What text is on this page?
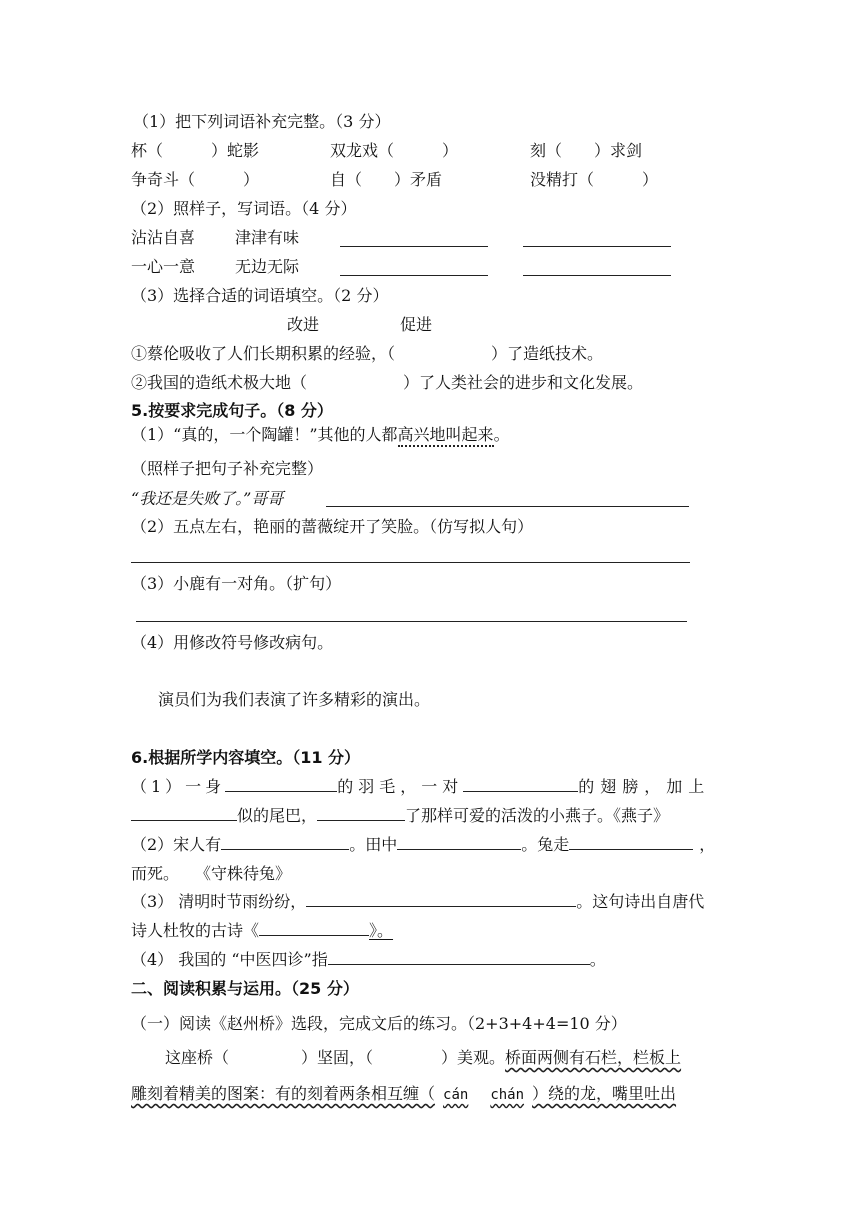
（1）把下列词语补充完整。（3 分）
杯（　　　）蛇影	双龙戏（　　　）	刻（　　）求剑
争奇斗（　　　）	自（　　）矛盾	没精打（　　　）
（2）照样子，写词语。（4 分）
沾沾自喜 津津有味
一心一意 无边无际
（3）选择合适的词语填空。（2 分）
改进	促进
①蔡伦吸收了人们长期积累的经验，（	）了造纸技术。
②我国的造纸术极大地（	）了人类社会的进步和文化发展。
5.按要求完成句子。（8 分）
（1）“真的，一个陶罐！”其他的人都高兴地叫起来。
（照样子把句子补充完整）
“我还是失败了。”哥哥
（2）五点左右，艳丽的蔷薇绽开了笑脸。（仿写拟人句）
（3）小鹿有一对角。（扩句）
（4）用修改符号修改病句。
演员们为我们表演了许多精彩的演出。
6.根据所学内容填空。（11 分）
（1）一身	的羽毛，一对	的翅膀，加上
似的尾巴，	了那样可爱的活泼的小燕子。《燕子》
（2）宋人有	。田中	。兔走	，
而死。　　《守株待兔》
（3） 清明时节雨纷纷，	。这句诗出自唐代
诗人杜牧的古诗《	》。
（4） 我国的 “中医四诊”指	。
二、阅读积累与运用。（25 分）
（一）阅读《赵州桥》选段，完成文后的练习。（2+3+4+4=10 分）
这座桥（	）坚固，（	）美观。桥面两侧有石栏，栏板上
雕刻着精美的图案：有的刻着两条相互缠（ cán chán ）绕的龙，嘴里吐出
